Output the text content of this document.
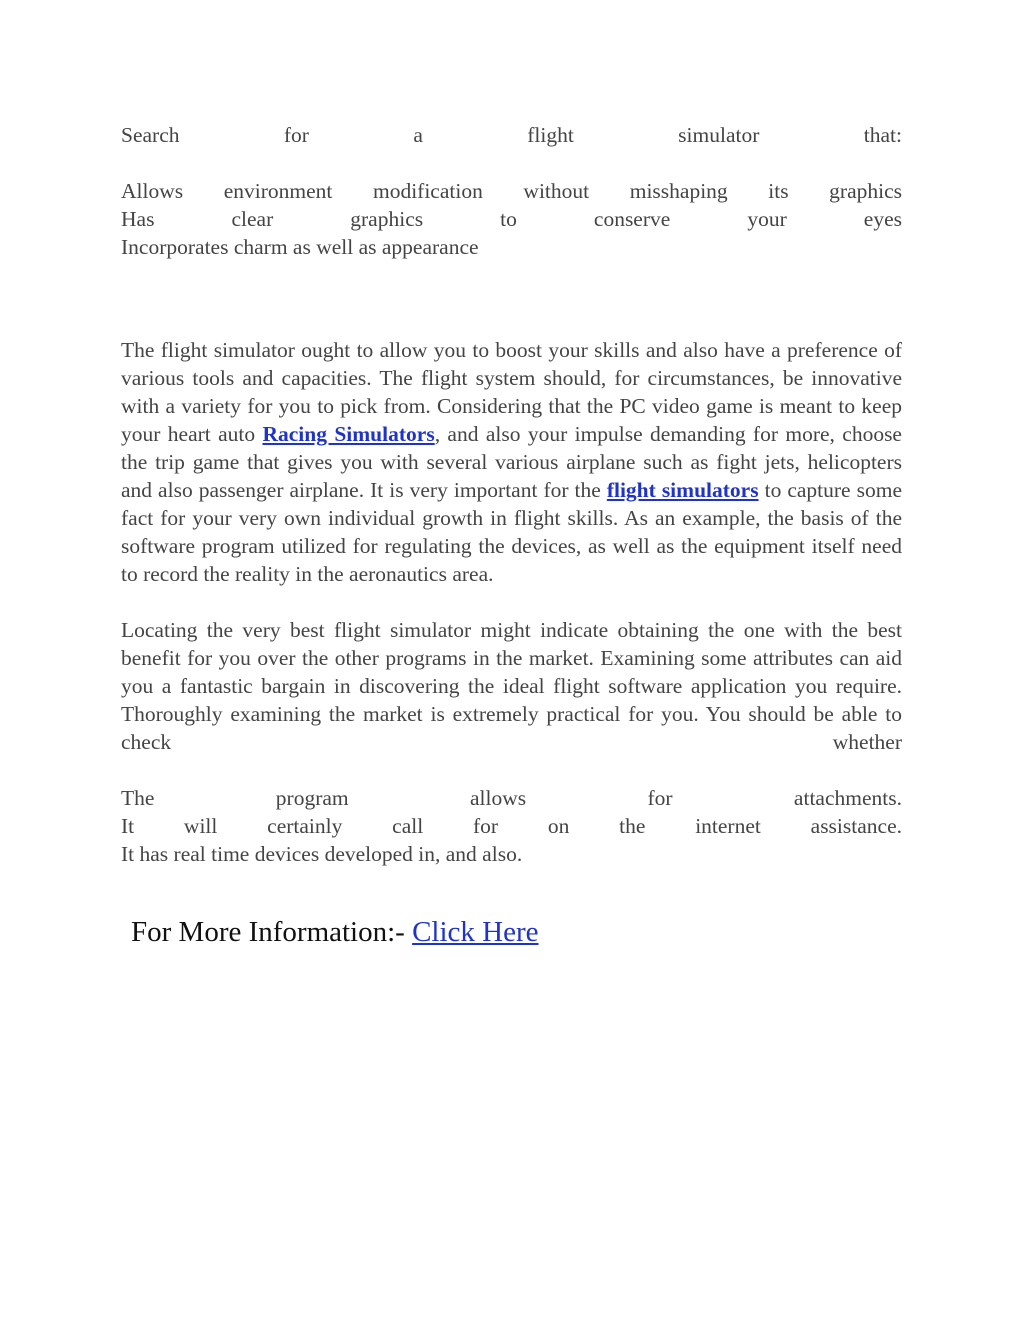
Search for a flight simulator that:
Allows environment modification without misshaping its graphics
Has clear graphics to conserve your eyes
Incorporates charm as well as appearance

The flight simulator ought to allow you to boost your skills and also have a preference of various tools and capacities. The flight system should, for circumstances, be innovative with a variety for you to pick from. Considering that the PC video game is meant to keep your heart auto Racing Simulators, and also your impulse demanding for more, choose the trip game that gives you with several various airplane such as fight jets, helicopters and also passenger airplane. It is very important for the flight simulators to capture some fact for your very own individual growth in flight skills. As an example, the basis of the software program utilized for regulating the devices, as well as the equipment itself need to record the reality in the aeronautics area.

Locating the very best flight simulator might indicate obtaining the one with the best benefit for you over the other programs in the market. Examining some attributes can aid you a fantastic bargain in discovering the ideal flight software application you require. Thoroughly examining the market is extremely practical for you. You should be able to check whether

The program allows for attachments.
It will certainly call for on the internet assistance.
It has real time devices developed in, and also.
For More Information:- Click Here
